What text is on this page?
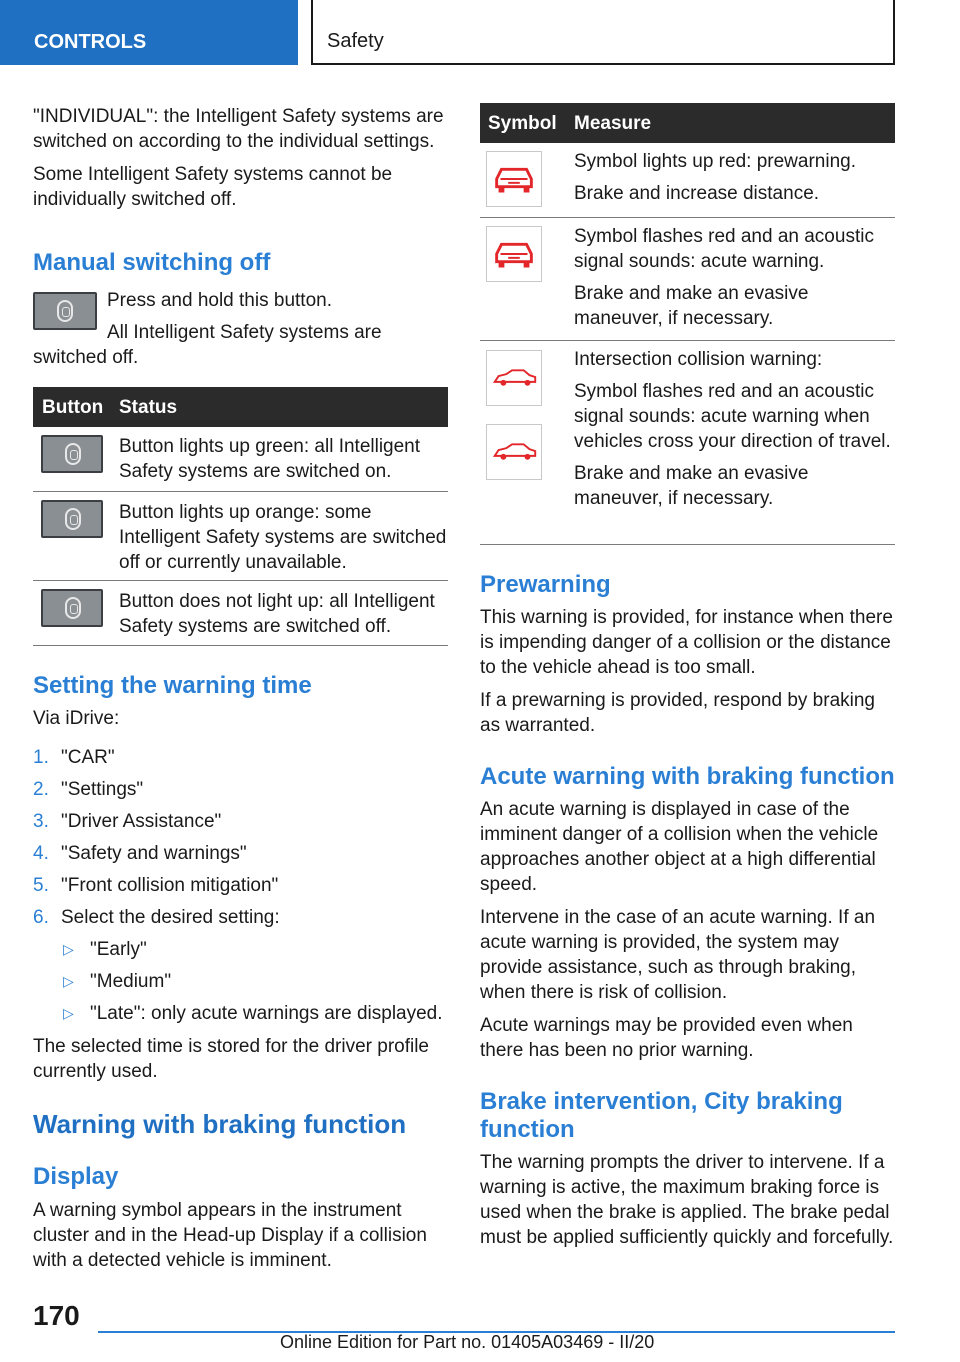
CONTROLS	Safety

"INDIVIDUAL": the Intelligent Safety systems are switched on according to the individual settings.

Some Intelligent Safety systems cannot be individually switched off.

Manual switching off

Press and hold this button.

All Intelligent Safety systems are switched off.

Button Status

Button lights up green: all Intelligent Safety systems are switched on.

Button lights up orange: some Intelligent Safety systems are switched off or currently unavailable.

Button does not light up: all Intelligent Safety systems are switched off.

Setting the warning time

Via iDrive:

1. "CAR"
2. "Settings"
3. "Driver Assistance"
4. "Safety and warnings"
5. "Front collision mitigation"
6. Select the desired setting:
▷ "Early"
▷ "Medium"
▷ "Late": only acute warnings are displayed.

The selected time is stored for the driver profile currently used.

Warning with braking function
Display

A warning symbol appears in the instrument cluster and in the Head-up Display if a collision with a detected vehicle is imminent.

Symbol Measure

Symbol lights up red: prewarning.

Brake and increase distance.

Symbol flashes red and an acoustic signal sounds: acute warning.

Brake and make an evasive maneuver, if necessary.

Intersection collision warning:

Symbol flashes red and an acoustic signal sounds: acute warning when vehicles cross your direction of travel.

Brake and make an evasive maneuver, if necessary.

Prewarning

This warning is provided, for instance when there is impending danger of a collision or the distance to the vehicle ahead is too small.

If a prewarning is provided, respond by braking as warranted.

Acute warning with braking function

An acute warning is displayed in case of the imminent danger of a collision when the vehicle approaches another object at a high differential speed.

Intervene in the case of an acute warning. If an acute warning is provided, the system may provide assistance, such as through braking, when there is risk of collision.

Acute warnings may be provided even when there has been no prior warning.

Brake intervention, City braking function

The warning prompts the driver to intervene. If a warning is active, the maximum braking force is used when the brake is applied. The brake pedal must be applied sufficiently quickly and forcefully.

170
Online Edition for Part no. 01405A03469 - II/20
